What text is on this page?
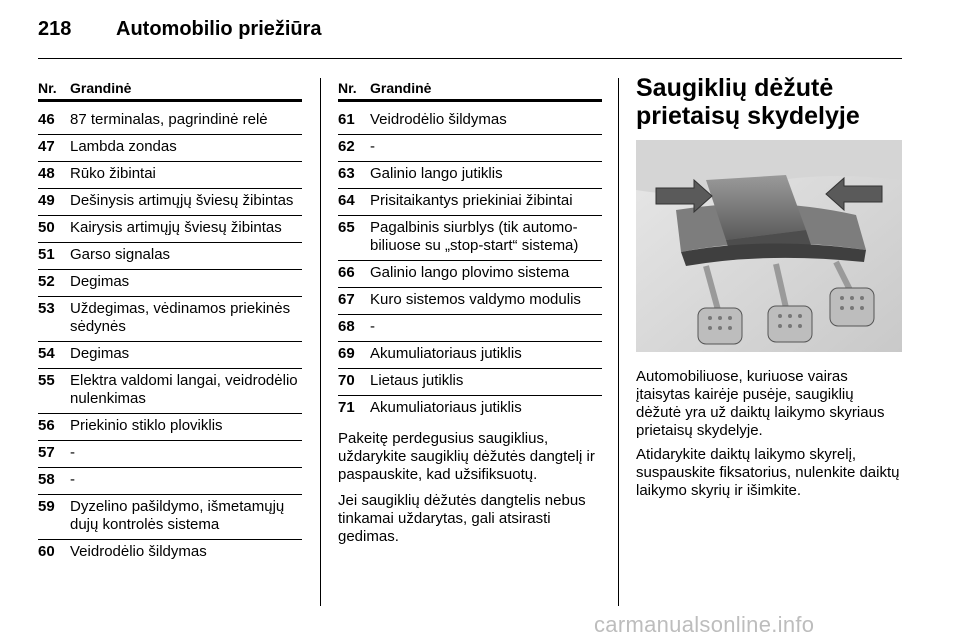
218	Automobilio priežiūra
Nr. Grandinė
46	87 terminalas, pagrindinė relė
47	Lambda zondas
48	Rūko žibintai
49	Dešinysis artimųjų šviesų žibintas
50	Kairysis artimųjų šviesų žibintas
51	Garso signalas
52	Degimas
53	Uždegimas, vėdinamos priekinės sėdynės
54	Degimas
55	Elektra valdomi langai, veidrodėlio nulenkimas
56	Priekinio stiklo ploviklis
57	-
58	-
59	Dyzelino pašildymo, išmetamųjų dujų kontrolės sistema
60	Veidrodėlio šildymas
Nr. Grandinė
61	Veidrodėlio šildymas
62	-
63	Galinio lango jutiklis
64	Prisitaikantys priekiniai žibintai
65	Pagalbinis siurblys (tik automobiliuose su „stop-start“ sistema)
66	Galinio lango plovimo sistema
67	Kuro sistemos valdymo modulis
68	-
69	Akumuliatoriaus jutiklis
70	Lietaus jutiklis
71	Akumuliatoriaus jutiklis

Pakeitę perdegusius saugiklius, uždarykite saugiklių dėžutės dangtelį ir paspauskite, kad užsifiksuotų.

Jei saugiklių dėžutės dangtelis nebus tinkamai uždarytas, gali atsirasti gedimas.

Saugiklių dėžutė prietaisų skydelyje

Automobiliuose, kuriuose vairas įtaisytas kairėje pusėje, saugiklių dėžutė yra už daiktų laikymo skyriaus prietaisų skydelyje.

Atidarykite daiktų laikymo skyrelį, suspauskite fiksatorius, nulenkite daiktų laikymo skyrių ir išimkite.

carmanualsonline.info
